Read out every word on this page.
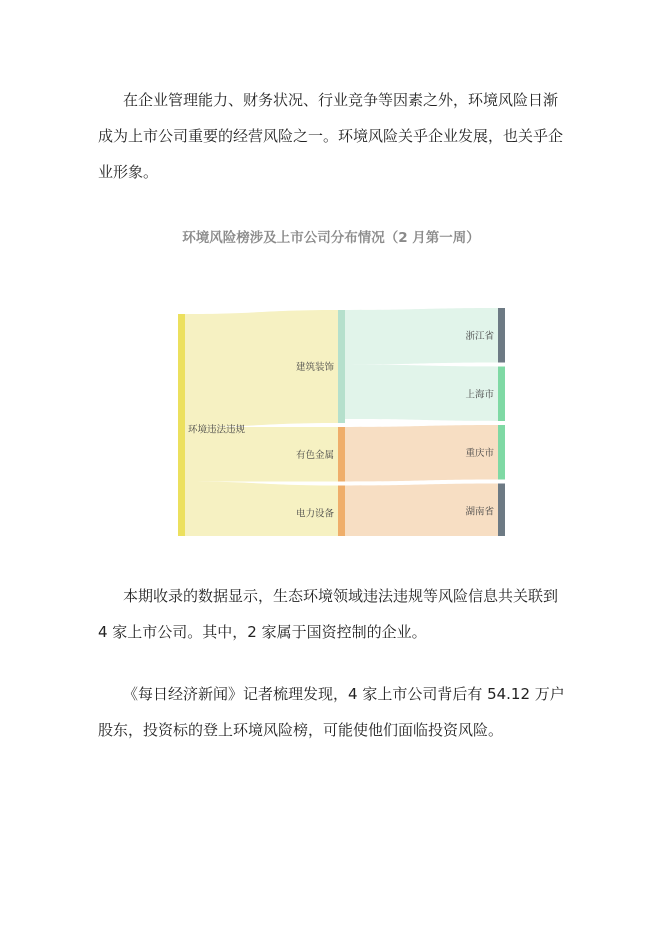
在企业管理能力、财务状况、行业竞争等因素之外，环境风险日渐成为上市公司重要的经营风险之一。环境风险关乎企业发展，也关乎企业形象。

环境风险榜涉及上市公司分布情况（2 月第一周）
环境违法违规
建筑装饰
有色金属
电力设备
浙江省
上海市
重庆市
湖南省

本期收录的数据显示，生态环境领域违法违规等风险信息共关联到 4 家上市公司。其中，2 家属于国资控制的企业。

《每日经济新闻》记者梳理发现，4 家上市公司背后有 54.12 万户股东，投资标的登上环境风险榜，可能使他们面临投资风险。
